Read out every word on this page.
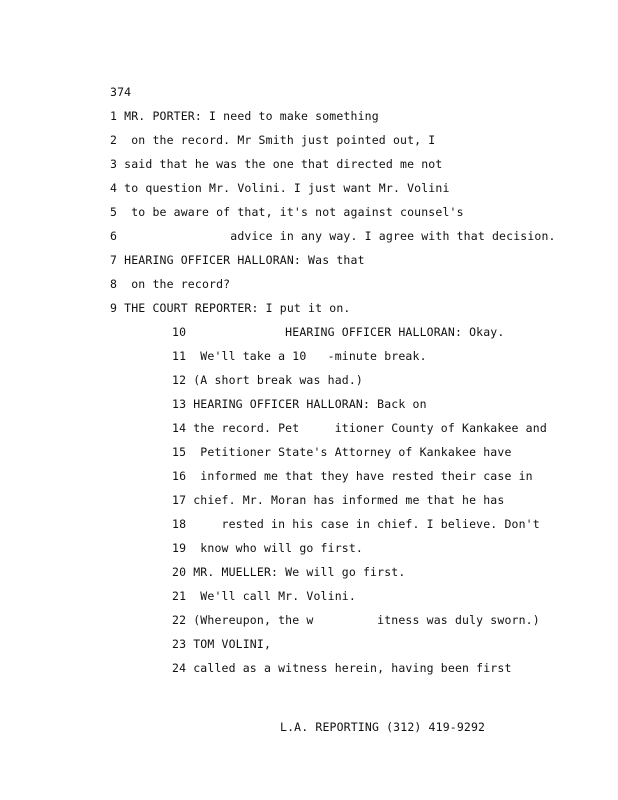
374
1 MR. PORTER: I need to make something
2  on the record. Mr Smith just pointed out, I
3 said that he was the one that directed me not
4 to question Mr. Volini. I just want Mr. Volini
5  to be aware of that, it's not against counsel's
6                advice in any way. I agree with that decision.
7 HEARING OFFICER HALLORAN: Was that
8  on the record?
9 THE COURT REPORTER: I put it on.
10              HEARING OFFICER HALLORAN: Okay.
11  We'll take a 10   -minute break.
12 (A short break was had.)
13 HEARING OFFICER HALLORAN: Back on
14 the record. Pet     itioner County of Kankakee and
15  Petitioner State's Attorney of Kankakee have
16  informed me that they have rested their case in
17 chief. Mr. Moran has informed me that he has
18     rested in his case in chief. I believe. Don't
19  know who will go first.
20 MR. MUELLER: We will go first.
21  We'll call Mr. Volini.
22 (Whereupon, the w         itness was duly sworn.)
23 TOM VOLINI,
24 called as a witness herein, having been first
L.A. REPORTING (312) 419-9292
